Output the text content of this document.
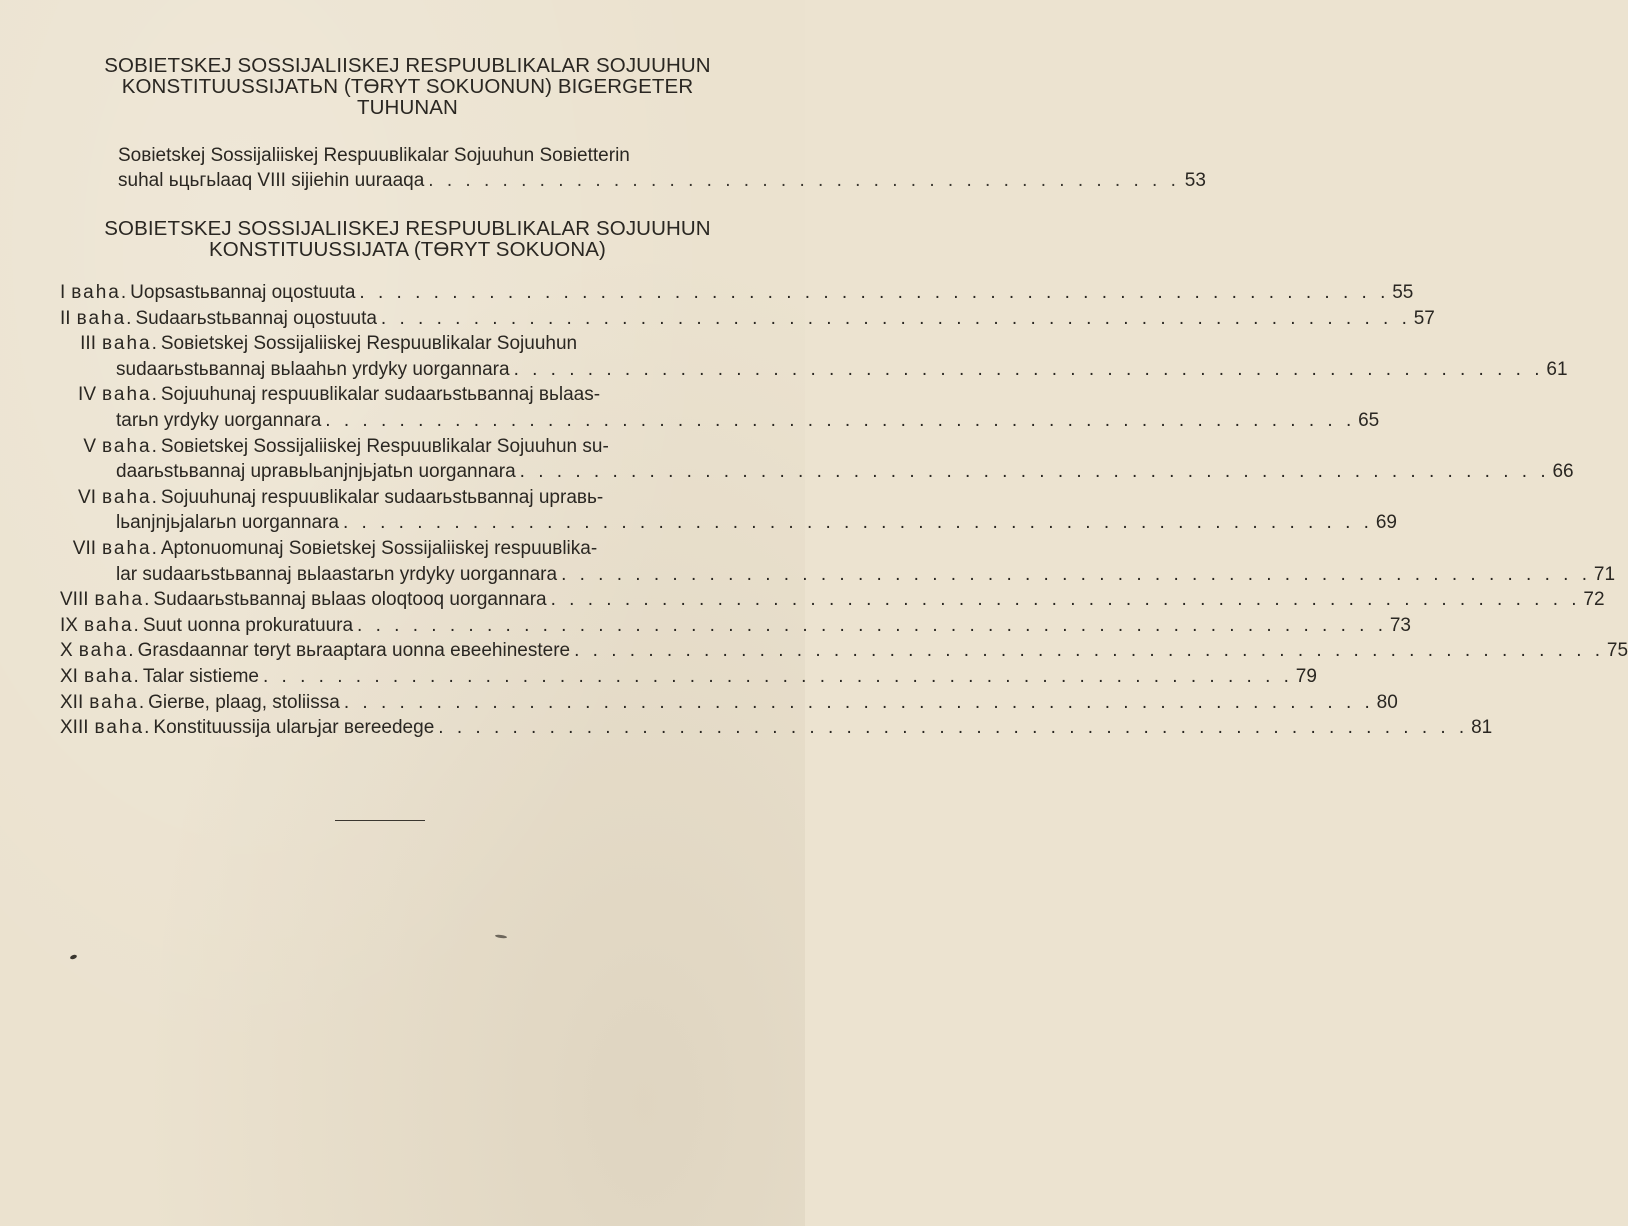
SOBIETSKEJ SOSSIJALIISKEJ RESPUUBLIKALAR SOJUUHUN
KONSTITUUSSIJATЬN (TƟRYT SOKUONUN) BIGERGETER
TUHUNAN
Soвietskej Sossijaliiskej Respuuвlikalar Sojuuhun Soвietterin
suhal ьцьгьlaaq VIII sijiehin uuraaqa . . . . . . . . . . . . . . . . . . . . . . . . . . . . . . . . . . . . . . . . . 53
SOBIETSKEJ SOSSIJALIISKEJ RESPUUBLIKALAR SOJUUHUN
KONSTITUUSSIJATA (TƟRYT SOKUONA)
I ваhа. Uopsastьвannaj oцostuuta . . . . . . . . . . . . . . . . . . . . . . . . . . . . . . . . . . . . . . . . . . . . . . . . . . . . . . . . 55
II ваhа. Sudaarьstьвannaj oцostuuta . . . . . . . . . . . . . . . . . . . . . . . . . . . . . . . . . . . . . . . . . . . . . . . . . . . . . . . . 57
III ваhа. Soвietskej Sossijaliiskej Respuuвlikalar Sojuuhun
sudaarьstьвannaj вьlaahьn yrdyky uorgannara . . . . . . . . . . . . . . . . . . . . . . . . . . . . . . . . . . . . . . . . . . . . . . . . . . . . . . . . 61
IV ваhа. Sojuuhunaj respuuвlikalar sudaarьstьвannaj вьlaas-
tarьn yrdyky uorgannara . . . . . . . . . . . . . . . . . . . . . . . . . . . . . . . . . . . . . . . . . . . . . . . . . . . . . . . . 65
V ваhа. Soвietskej Sossijaliiskej Respuuвlikalar Sojuuhun su-
daarьstьвannaj upraвьlьanjnjьjatьn uorgannara . . . . . . . . . . . . . . . . . . . . . . . . . . . . . . . . . . . . . . . . . . . . . . . . . . . . . . . . 66
VI ваhа. Sojuuhunaj respuuвlikalar sudaarьstьвannaj upraвь-
lьanjnjьjalarьn uorgannara . . . . . . . . . . . . . . . . . . . . . . . . . . . . . . . . . . . . . . . . . . . . . . . . . . . . . . . . 69
VII ваhа. Aptonuomunaj Soвietskej Sossijaliiskej respuuвlika-
lar sudaarьstьвannaj вьlaastarьn yrdyky uorgannara . . . . . . . . . . . . . . . . . . . . . . . . . . . . . . . . . . . . . . . . . . . . . . . . . . . . . . . . 71
VIII ваhа. Sudaarьstьвannaj вьlaas oloqtooq uorgannara . . . . . . . . . . . . . . . . . . . . . . . . . . . . . . . . . . . . . . . . . . . . . . . . . . . . . . . . 72
IX ваhа. Suut uonna prokuratuura . . . . . . . . . . . . . . . . . . . . . . . . . . . . . . . . . . . . . . . . . . . . . . . . . . . . . . . . 73
X ваhа. Grasdaannar tөryt вьraaptara uonna eвeehinestere . . . . . . . . . . . . . . . . . . . . . . . . . . . . . . . . . . . . . . . . . . . . . . . . . . . . . . . . 75
XI ваhа. Talar sistieme . . . . . . . . . . . . . . . . . . . . . . . . . . . . . . . . . . . . . . . . . . . . . . . . . . . . . . . . 79
XII ваhа. Gierвe, plaag, stoliissa . . . . . . . . . . . . . . . . . . . . . . . . . . . . . . . . . . . . . . . . . . . . . . . . . . . . . . . . 80
XIII ваhа. Konstituussija ularьjar вereedege . . . . . . . . . . . . . . . . . . . . . . . . . . . . . . . . . . . . . . . . . . . . . . . . . . . . . . . . 81
